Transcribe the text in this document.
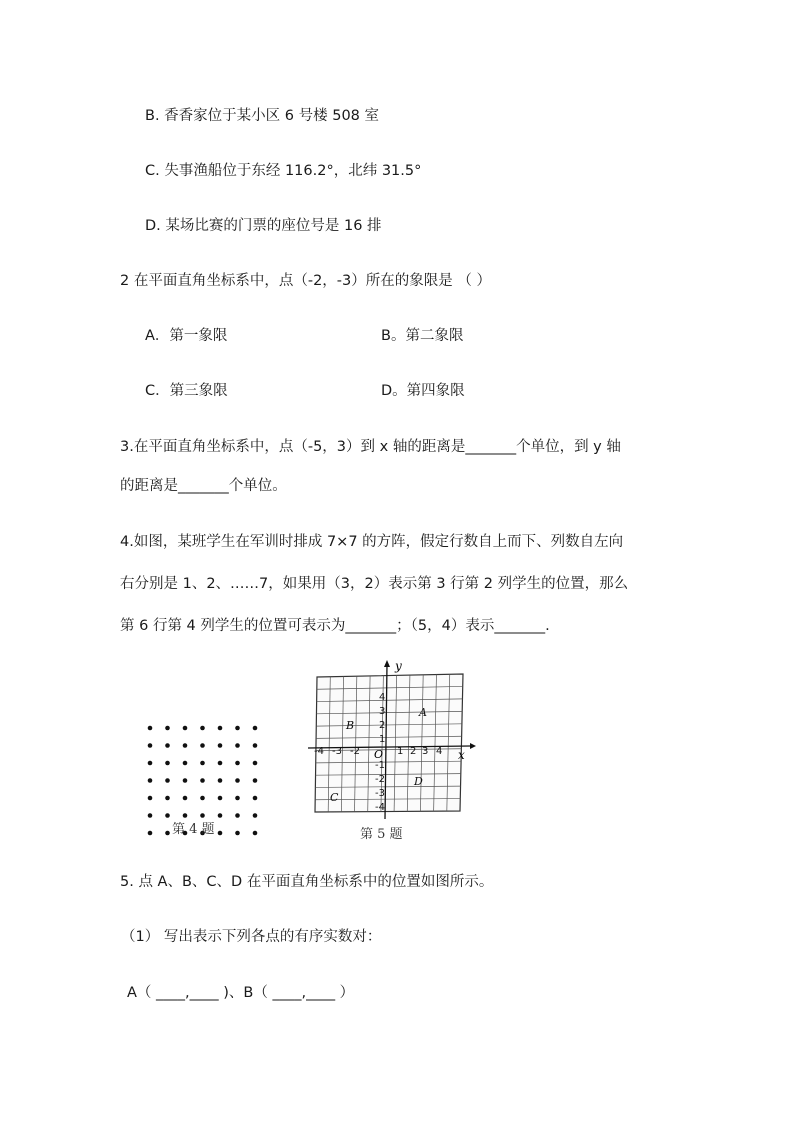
B. 香香家位于某小区 6 号楼 508 室
C. 失事渔船位于东经 116.2°，北纬 31.5°
D. 某场比赛的门票的座位号是 16 排
2 在平面直角坐标系中，点（-2，-3）所在的象限是 （ ）
A．第一象限	B。第二象限
C．第三象限	D。第四象限
3.在平面直角坐标系中，点（-5，3）到 x 轴的距离是_______个单位，到 y 轴
的距离是_______个单位。
4.如图，某班学生在军训时排成 7×7 的方阵，假定行数自上而下、列数自左向
右分别是 1、2、……7，如果用（3，2）表示第 3 行第 2 列学生的位置，那么
第 6 行第 4 列学生的位置可表示为_______；（5，4）表示_______.
第 4 题
x
y
O
-4 -3 -2	1 2 3 4
4
3
2
1
-1
-2
-3
-4
A
B
C
D
第 5 题
5. 点 A、B、C、D 在平面直角坐标系中的位置如图所示。
（1） 写出表示下列各点的有序实数对：
A（ ____,____ )、B（ ____,____ ）
